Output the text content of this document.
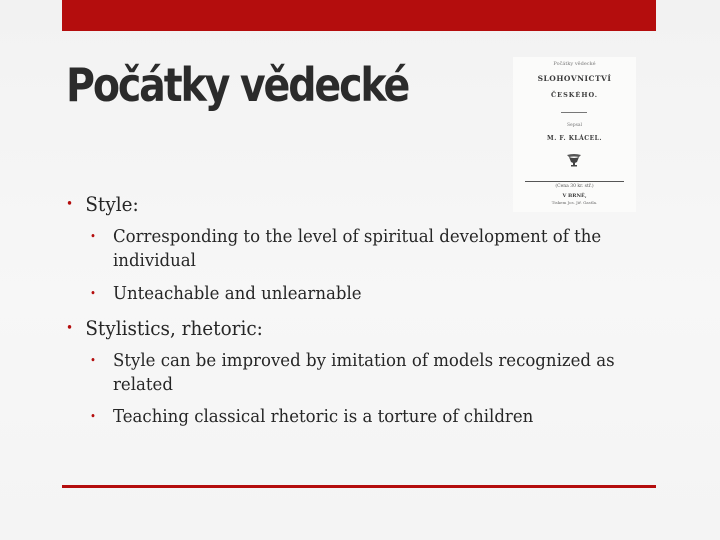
Počátky vědecké	Počátky vědecké
SLOHOVNICTVÍ
ČESKÉHO.
Sepsal
M. F. KLÁCEL.
(Cena 30 kr. stř.)
V BRNĚ,
Tiskem Jos. Jiř. Gastla.
• Style:
• Corresponding to the level of spiritual development of the individual
• Unteachable and unlearnable
• Stylistics, rhetoric:
• Style can be improved by imitation of models recognized as related
• Teaching classical rhetoric is a torture of children
